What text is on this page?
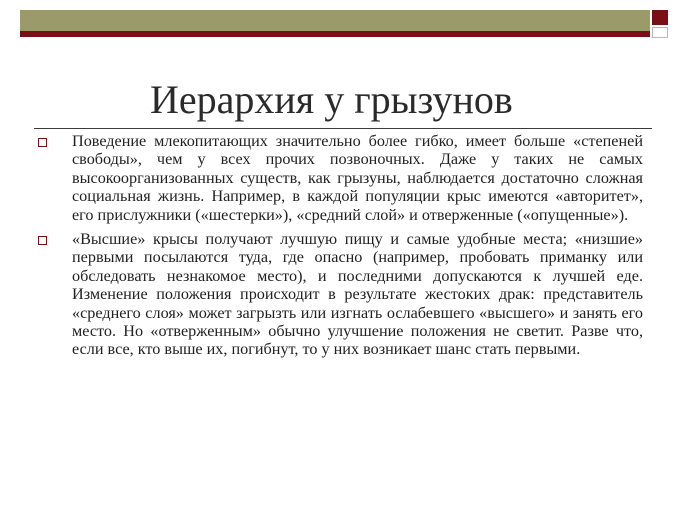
Иерархия у грызунов
Поведение млекопитающих значительно более гибко, имеет больше «степеней свободы», чем у всех прочих позвоночных. Даже у таких не самых высокоорганизованных существ, как грызуны, наблюдается достаточно сложная социальная жизнь. Например, в каждой популяции крыс имеются «авторитет», его прислужники («шестерки»), «средний слой» и отверженные («опущенные»).
«Высшие» крысы получают лучшую пищу и самые удобные места; «низшие» первыми посылаются туда, где опасно (например, пробовать приманку или обследовать незнакомое место), и последними допускаются к лучшей еде. Изменение положения происходит в результате жестоких драк: представитель «среднего слоя» может загрызть или изгнать ослабевшего «высшего» и занять его место. Но «отверженным» обычно улучшение положения не светит. Разве что, если все, кто выше их, погибнут, то у них возникает шанс стать первыми.
